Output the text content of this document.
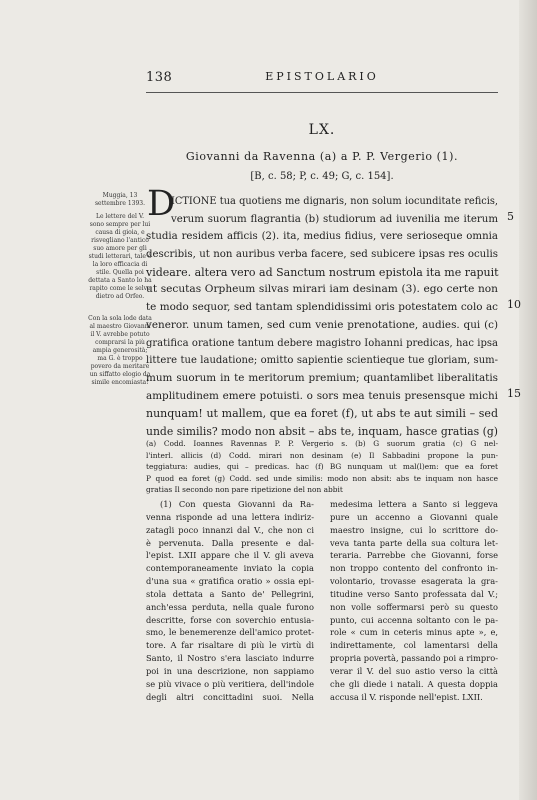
138	EPISTOLARIO
LX.
Giovanni da Ravenna (a) a P. P. Vergerio (1).
[B, c. 58; P, c. 49; G, c. 154].
Muggia, 13 settembre 1393.
Le lettere del V. sono sempre per lui causa di gioia, e risvegliano l'antico suo amore per gli studi letterari, tale è la loro efficacia di stile. Quella poi dettata a Santo lo ha rapito come le selve dietro ad Orfeo.
Con la sola lode data al maestro Giovanni il V. avrebbe potuto comprarsi la più ampia generosità; ma G. è troppo povero da meritare un siffatto elogio da simile encomiasta!
D
ICTIONE tua quotiens me dignaris, non solum iocunditate reficis,
verum suorum flagrantia (b) studiorum ad iuvenilia me iterum
studia residem afficis (2). ita, medius fidius, vere serioseque omnia
describis, ut non auribus verba facere, sed subicere ipsas res oculis
videare. altera vero ad Sanctum nostrum epistola ita me rapuit
ut secutas Orpheum silvas mirari iam desinam (3). ego certe non
te modo sequor, sed tantam splendidissimi oris potestatem colo ac
veneror. unum tamen, sed cum venie prenotatione, audies. qui (c)
gratifica oratione tantum debere magistro Iohanni predicas, hac ipsa
littere tue laudatione; omitto sapientie scientieque tue gloriam, sum-
mum suorum in te meritorum premium; quantamlibet liberalitatis
amplitudinem emere potuisti. o sors mea tenuis presensque michi
nunquam! ut mallem, que ea foret (f), ut abs te aut simili – sed
unde similis? modo non absit – abs te, inquam, hasce gratias (g)
5
10
15
(a) Codd. Ioannes Ravennas P. P. Vergerio s. (b) G suorum gratia (c) G nel-
l'interl. allicis (d) Codd. mirari non desinam (e) Il Sabbadini propone la pun-
teggiatura: audies, qui – predicas. hac (f) BG nunquam ut mal(l)em: que ea foret
P quod ea foret (g) Codd. sed unde similis: modo non absit: abs te inquam non hasce
gratias Il secondo non pare ripetizione del non abbit
(1) Con questa Giovanni da Ra-
venna risponde ad una lettera indiriz-
zatagli poco innanzi dal V., che non ci
è pervenuta. Dalla presente e dal-
l'epist. LXII appare che il V. gli aveva
contemporaneamente inviato la copia
d'una sua « gratifica oratio » ossia epi-
stola dettata a Santo de' Pellegrini,
anch'essa perduta, nella quale furono
descritte, forse con soverchio entusia-
smo, le benemerenze dell'amico protet-
tore. A far risaltare di più le virtù di
Santo, il Nostro s'era lasciato indurre
poi in una descrizione, non sappiamo
se più vivace o più veritiera, dell'indole
degli altri concittadini suoi. Nella
medesima lettera a Santo si leggeva
pure un accenno a Giovanni quale
maestro insigne, cui lo scrittore do-
veva tanta parte della sua coltura let-
teraria. Parrebbe che Giovanni, forse
non troppo contento del confronto in-
volontario, trovasse esagerata la gra-
titudine verso Santo professata dal V.;
non volle soffermarsi però su questo
punto, cui accenna soltanto con le pa-
role « cum in ceteris minus apte », e,
indirettamente, col lamentarsi della
propria povertà, passando poi a rimpro-
verar il V. del suo astio verso la città
che gli diede i natali. A questa doppia
accusa il V. risponde nell'epist. LXII.
